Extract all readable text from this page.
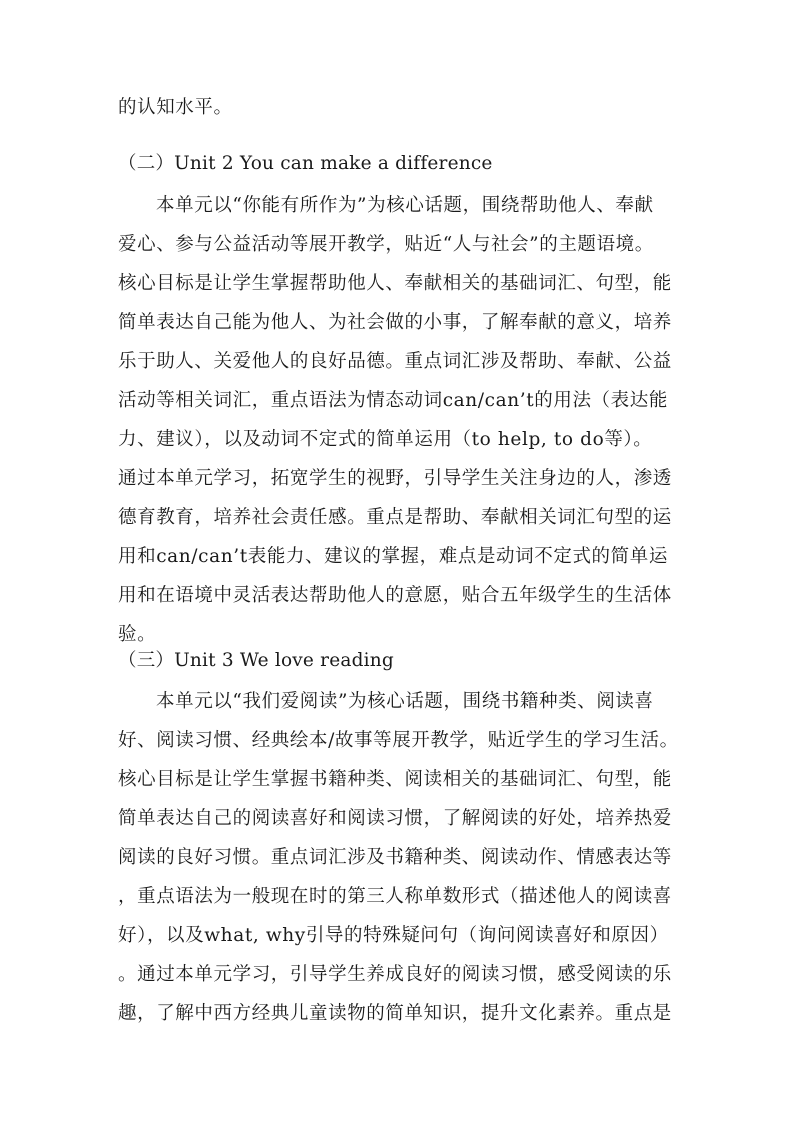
的认知水平。
（二）Unit 2 You can make a difference
本单元以“你能有所作为”为核心话题，围绕帮助他人、奉献
爱心、参与公益活动等展开教学，贴近“人与社会”的主题语境。
核心目标是让学生掌握帮助他人、奉献相关的基础词汇、句型，能
简单表达自己能为他人、为社会做的小事，了解奉献的意义，培养
乐于助人、关爱他人的良好品德。重点词汇涉及帮助、奉献、公益
活动等相关词汇，重点语法为情态动词can/can’t的用法（表达能
力、建议），以及动词不定式的简单运用（to help, to do等）。
通过本单元学习，拓宽学生的视野，引导学生关注身边的人，渗透
德育教育，培养社会责任感。重点是帮助、奉献相关词汇句型的运
用和can/can’t表能力、建议的掌握，难点是动词不定式的简单运
用和在语境中灵活表达帮助他人的意愿，贴合五年级学生的生活体
验。
（三）Unit 3 We love reading
本单元以“我们爱阅读”为核心话题，围绕书籍种类、阅读喜
好、阅读习惯、经典绘本/故事等展开教学，贴近学生的学习生活。
核心目标是让学生掌握书籍种类、阅读相关的基础词汇、句型，能
简单表达自己的阅读喜好和阅读习惯，了解阅读的好处，培养热爱
阅读的良好习惯。重点词汇涉及书籍种类、阅读动作、情感表达等
，重点语法为一般现在时的第三人称单数形式（描述他人的阅读喜
好），以及what, why引导的特殊疑问句（询问阅读喜好和原因）
。通过本单元学习，引导学生养成良好的阅读习惯，感受阅读的乐
趣，了解中西方经典儿童读物的简单知识，提升文化素养。重点是
